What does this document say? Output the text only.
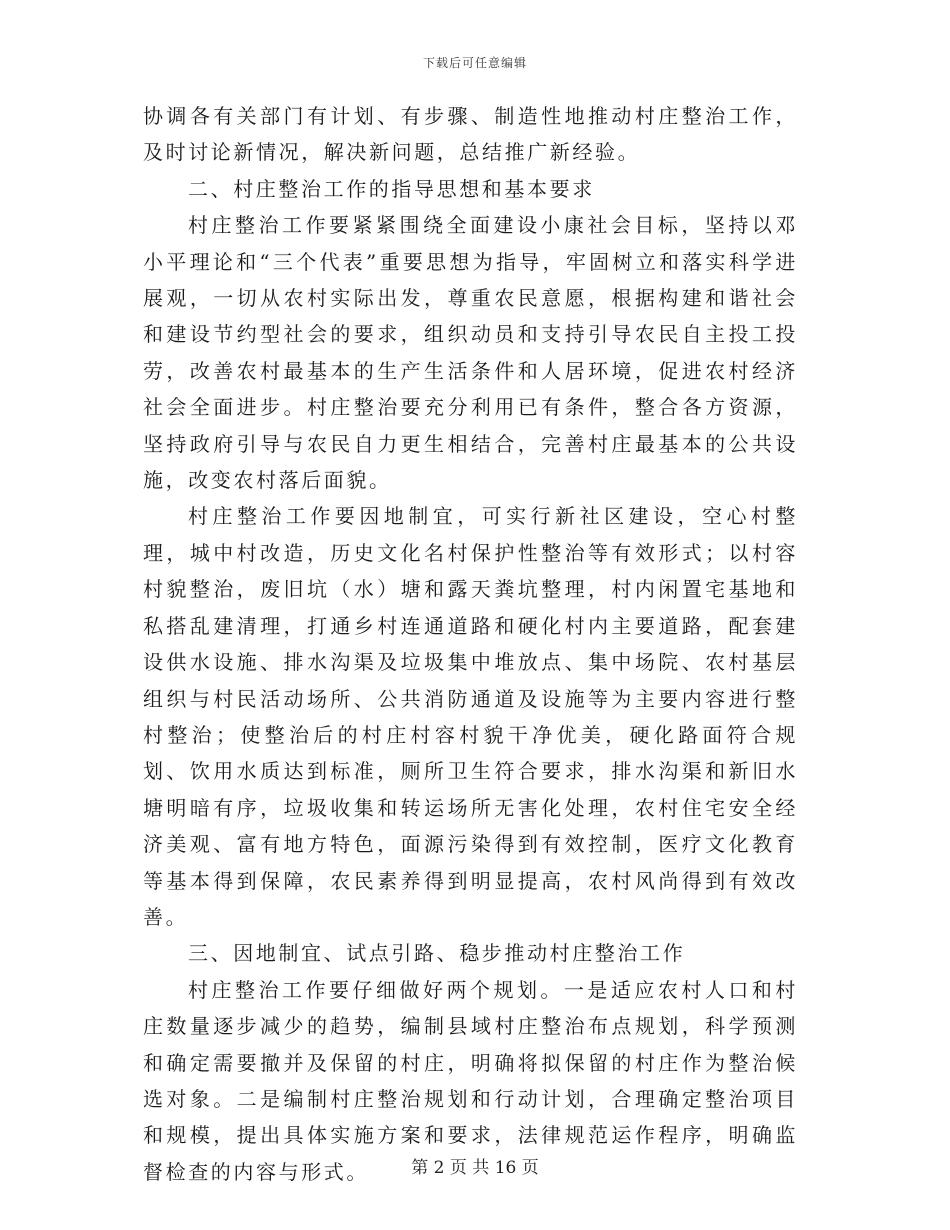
下载后可任意编辑

协调各有关部门有计划、有步骤、制造性地推动村庄整治工作，及时讨论新情况，解决新问题，总结推广新经验。

二、村庄整治工作的指导思想和基本要求

村庄整治工作要紧紧围绕全面建设小康社会目标，坚持以邓小平理论和“三个代表”重要思想为指导，牢固树立和落实科学进展观，一切从农村实际出发，尊重农民意愿，根据构建和谐社会和建设节约型社会的要求，组织动员和支持引导农民自主投工投劳，改善农村最基本的生产生活条件和人居环境，促进农村经济社会全面进步。村庄整治要充分利用已有条件，整合各方资源，坚持政府引导与农民自力更生相结合，完善村庄最基本的公共设施，改变农村落后面貌。

村庄整治工作要因地制宜，可实行新社区建设，空心村整理，城中村改造，历史文化名村保护性整治等有效形式；以村容村貌整治，废旧坑（水）塘和露天粪坑整理，村内闲置宅基地和私搭乱建清理，打通乡村连通道路和硬化村内主要道路，配套建设供水设施、排水沟渠及垃圾集中堆放点、集中场院、农村基层组织与村民活动场所、公共消防通道及设施等为主要内容进行整村整治；使整治后的村庄村容村貌干净优美，硬化路面符合规划、饮用水质达到标准，厕所卫生符合要求，排水沟渠和新旧水塘明暗有序，垃圾收集和转运场所无害化处理，农村住宅安全经济美观、富有地方特色，面源污染得到有效控制，医疗文化教育等基本得到保障，农民素养得到明显提高，农村风尚得到有效改善。

三、因地制宜、试点引路、稳步推动村庄整治工作

村庄整治工作要仔细做好两个规划。一是适应农村人口和村庄数量逐步减少的趋势，编制县域村庄整治布点规划，科学预测和确定需要撤并及保留的村庄，明确将拟保留的村庄作为整治候选对象。二是编制村庄整治规划和行动计划，合理确定整治项目和规模，提出具体实施方案和要求，法律规范运作程序，明确监督检查的内容与形式。	第 2 页 共 16 页
